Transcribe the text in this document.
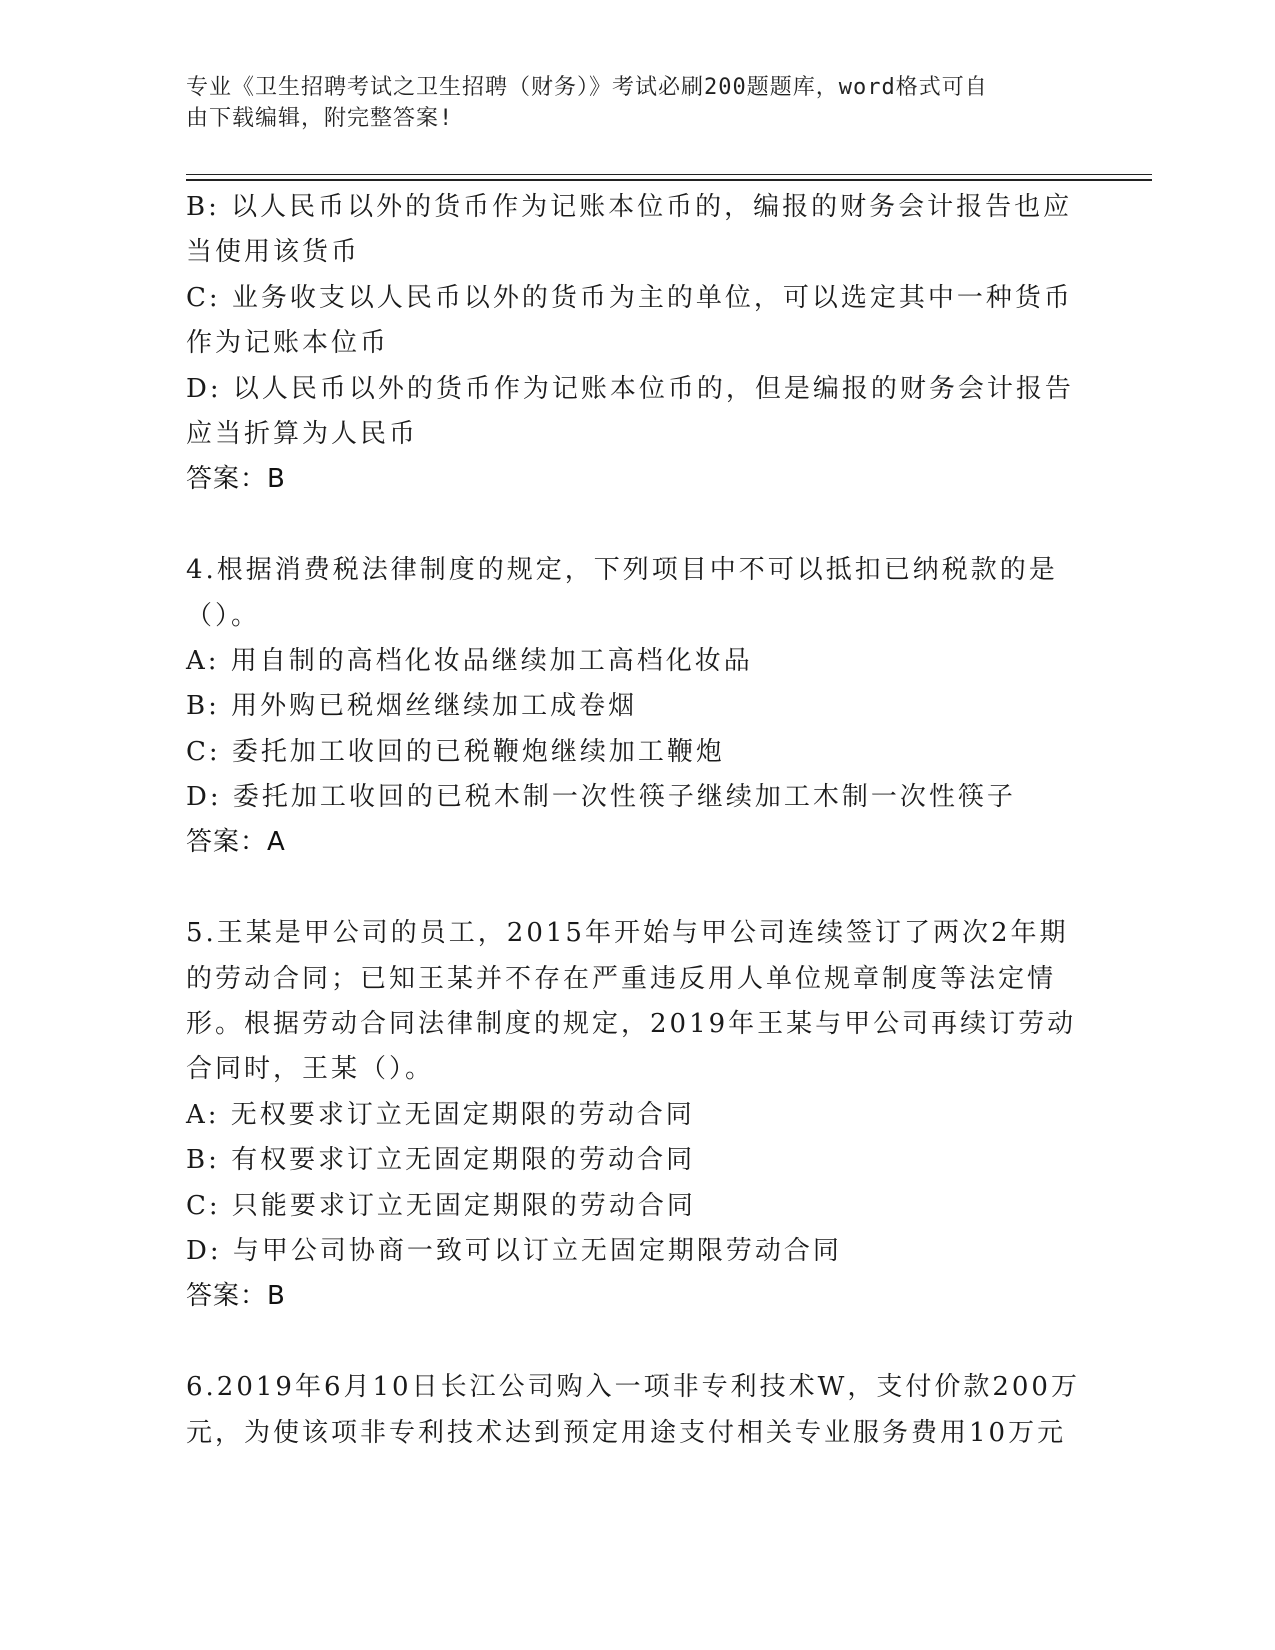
专业《卫生招聘考试之卫生招聘（财务）》考试必刷200题题库，word格式可自
由下载编辑，附完整答案!
B: 以人民币以外的货币作为记账本位币的，编报的财务会计报告也应
当使用该货币
C: 业务收支以人民币以外的货币为主的单位，可以选定其中一种货币
作为记账本位币
D: 以人民币以外的货币作为记账本位币的，但是编报的财务会计报告
应当折算为人民币
答案：B
4.根据消费税法律制度的规定，下列项目中不可以抵扣已纳税款的是
（）。
A: 用自制的高档化妆品继续加工高档化妆品
B: 用外购已税烟丝继续加工成卷烟
C: 委托加工收回的已税鞭炮继续加工鞭炮
D: 委托加工收回的已税木制一次性筷子继续加工木制一次性筷子
答案：A
5.王某是甲公司的员工，2015年开始与甲公司连续签订了两次2年期
的劳动合同；已知王某并不存在严重违反用人单位规章制度等法定情
形。根据劳动合同法律制度的规定，2019年王某与甲公司再续订劳动
合同时，王某（）。
A: 无权要求订立无固定期限的劳动合同
B: 有权要求订立无固定期限的劳动合同
C: 只能要求订立无固定期限的劳动合同
D: 与甲公司协商一致可以订立无固定期限劳动合同
答案：B
6.2019年6月10日长江公司购入一项非专利技术W，支付价款200万
元，为使该项非专利技术达到预定用途支付相关专业服务费用10万元
